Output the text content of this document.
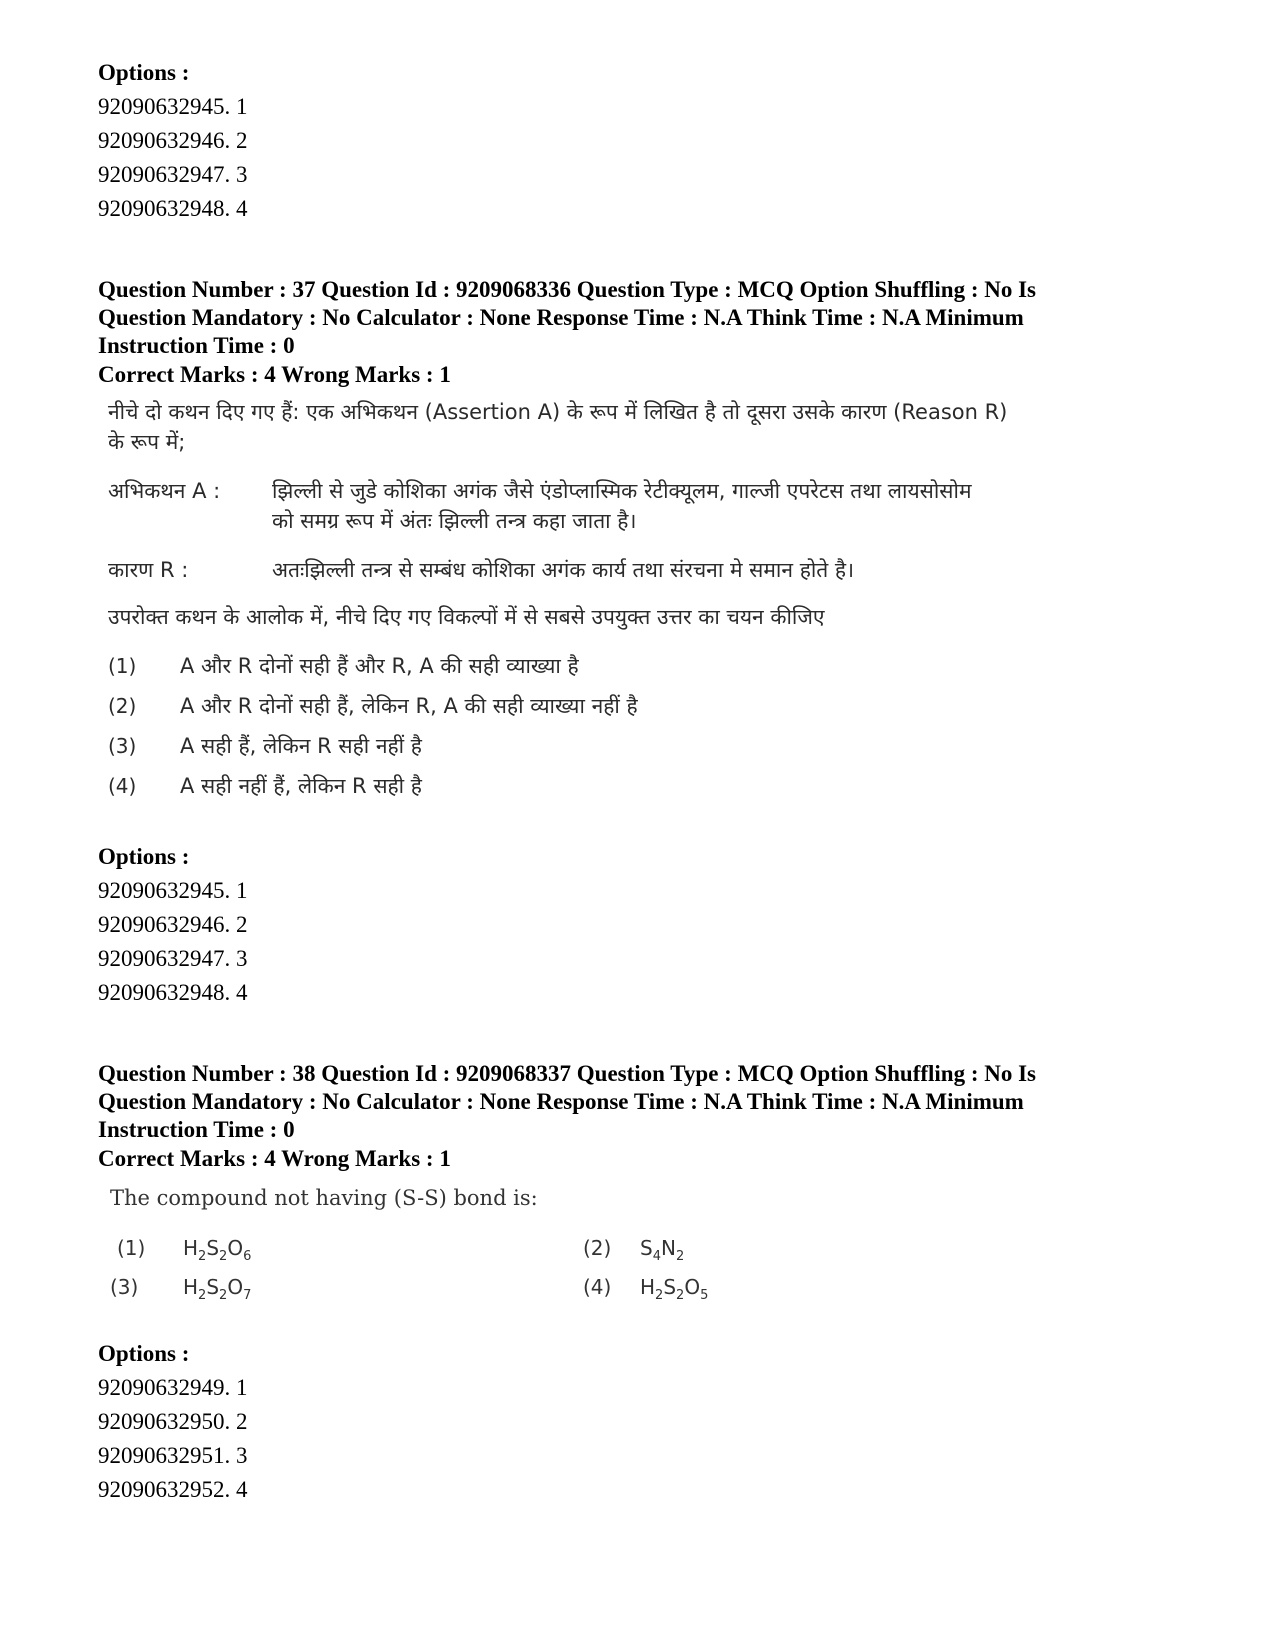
Options :
92090632945. 1
92090632946. 2
92090632947. 3
92090632948. 4
Question Number : 37 Question Id : 9209068336 Question Type : MCQ Option Shuffling : No Is
Question Mandatory : No Calculator : None Response Time : N.A Think Time : N.A Minimum
Instruction Time : 0
Correct Marks : 4 Wrong Marks : 1
नीचे दो कथन दिए गए हैं: एक अभिकथन (Assertion A) के रूप में लिखित है तो दूसरा उसके कारण (Reason R)
के रूप में;
अभिकथन A : झिल्ली से जुडे कोशिका अगंक जैसे एंडोप्लास्मिक रेटीक्यूलम, गाल्जी एपरेटस तथा लायसोसोम
को समग्र रूप में अंतः झिल्ली तन्त्र कहा जाता है।
कारण R :	अतःझिल्ली तन्त्र से सम्बंध कोशिका अगंक कार्य तथा संरचना मे समान होते है।
उपरोक्त कथन के आलोक में, नीचे दिए गए विकल्पों में से सबसे उपयुक्त उत्तर का चयन कीजिए
(1) A और R दोनों सही हैं और R, A की सही व्याख्या है
(2) A और R दोनों सही हैं, लेकिन R, A की सही व्याख्या नहीं है
(3) A सही हैं, लेकिन R सही नहीं है
(4) A सही नहीं हैं, लेकिन R सही है
Options :
92090632945. 1
92090632946. 2
92090632947. 3
92090632948. 4
Question Number : 38 Question Id : 9209068337 Question Type : MCQ Option Shuffling : No Is
Question Mandatory : No Calculator : None Response Time : N.A Think Time : N.A Minimum
Instruction Time : 0
Correct Marks : 4 Wrong Marks : 1
The compound not having (S-S) bond is:
(1) $H_2S_2O_6$	(2) $S_4N_2$
(3) $H_2S_2O_7$	(4) $H_2S_2O_5$
Options :
92090632949. 1
92090632950. 2
92090632951. 3
92090632952. 4
